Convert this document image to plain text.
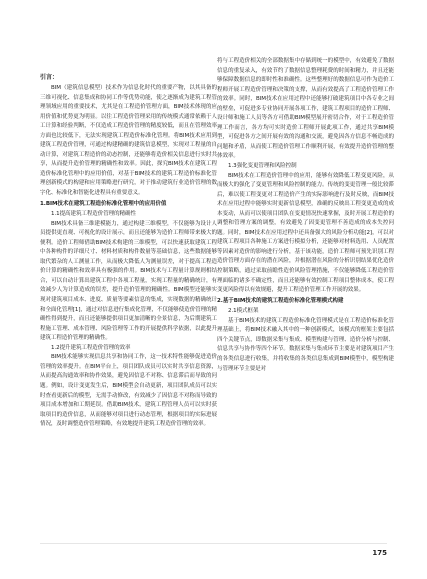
引言：

BIM（建筑信息模型）技术作为信息化时代的重要产物，以其具备的三维可视化、信息集成和协同工作等优势功能，使之逐渐成为建筑工程管理领域应用的重要技术，尤其是在工程造价管理方面，BIM技术体现的应用价值和优势更为明显。以往工程造价管理采用的传统模式通常依赖于人工计算和经验判断，不仅造成工程造价管理的精度较低，而且在管理效率方面也比较低下，无法实现建筑工程造价标准化管理。将BIM技术应用到建筑工程造价管理，可通过构建精确的建筑信息模型，实现对工程量的自动计算，对建筑工程造价的动态控制，还能够将造价相关信息进行实时共享，从而提升造价管理的精确性和效率。因此，探究BIM技术在建筑工程造价标准化管理中的应用价值，对基于BIM技术的建筑工程造价标准化管理创新模式的构建和应用策略进行研究，对于推动建筑行业造价管理的数字化、标准化和智能化进程具有重要意义。

1.BIM技术在建筑工程造价标准化管理中的应用价值

1.1提高建筑工程造价管理的精确性

BIM技术具备三维建模能力，通过构建三维模型，不仅能够为设计人员提供更直观、可视化的设计展示，而且还能够为造价工程师带来极大的便利。造价工程师借助BIM技术构建的三维模型，可以快速获取建筑工程中各种构件的详细尺寸、材料材质和构件数量等基础信息，这些数据能够取代繁杂的人工测量工作，从而极大降低人为测量误差，对于提高工程造价计算的精确性和效率具有极强的作用。BIM技术与工程量计算规则相结合，可以自动计算出建筑工程中各项工程量，实现工程量的精确统计，有效减少人为计算造成的误差，提升造价管理的精确性。BIM模型还能够实现对建筑项目成本、进度、质量等要素信息的集成，实现数据的精确统计和全面化管理[1]，通过对信息进行集成化管理，不仅能够使造价管理的精确性得到提升，而且还能够提供项目更加清晰的全景信息，为后期建筑工程施工管理、成本管理、风险管理等工作的开展提供科学依据，以此提升建筑工程造价管理的精确性。

1.2提升建筑工程造价管理的效率

BIM技术能够实现信息共享和协同工作，这一技术特性能够促进造价管理的效率提升。在BIM平台上，项目团队成员可以实时共享信息资源，从而提高沟通效率和协作效果，避免因信息不对称、信息滞后而导致的问题。例如，设计变更发生后，BIM模型会自动更新，项目团队成员可以实时查看更新后的模型，无需手动修改，有效减少了因信息不对称而导致的项目成本增加和工期延误。借助BIM技术，建筑工程管理人员可以实时获取项目的造价信息，从而能够对项目进行动态管理，根据项目的实际进展情况，及时调整造价管理策略，有效地提升建筑工程造价管理的效率。

将与工程造价相关的全部数据集中存储到统一的模型中，有效避免了数据信息的重复录入，有效节约了数据信息整理耗费的时间和精力，并且还能够保障数据信息的即时性和准确性。这些整理好的数据信息可作为造价工程师开展工程造价管理和决策的支撑，从而有效提高了工程造价管理工作的效率。同时，BIM技术在应用过程中还能够打破建筑项目中各专业之间的壁垒，可促进多专业协同开展各项工作，建筑工程项目的造价工程师、设计师和施工人员等各方可借助BIM模型展开密切合作，对于工程造价管理工作而言，各方均可实时造价工程师开展此项工作，通过共享BIM模型，可促进各方之间开展有效的沟通和交流，避免因各方信息不畅造成的问题和矛盾，从而使工程造价管理工作顺利开展，有效提升造价管理的整体效率。

1.3强化变更管理和风险控制

BIM技术在工程造价管理中的应用，能够有效降低工程变更风险，从而极大的强化了变更管理和风险控制的能力。传统的变更管理一般比较滞后，难以使工程变更对工程造价产生的实际影响进行及时反映，而BIM技术在应用过程中能够实时更新信息模型，准确的反映出工程变更造成的成本变动，从而可以使项目团队在变更情况快速掌握，及时开展工程造价的调整和管理方案的调整，有效避免了因变更管理不善造成的成本失控问题。同时，BIM技术在应用过程中还具备强大的风险分析功能[2]，可以对建筑工程项目各种施工方案进行模拟分析，还能够对材料选用、人员配置等因素对造价的影响进行分析，基于该功能，造价工程师可预先识别工程造价管理方面存在的潜在风险，并根据潜在风险的分析识别结果优化造价控制策略，通过采取前瞻性造价风险管理措施，不仅能够降低工程造价管理面临的诸多不确定性，而且还能够有效控制工程项目整体成本，使工程变更风险得以有效规避，提升工程造价管理工作开展的效果。

2.基于BIM技术的建筑工程造价标准化管理模式构建

2.1模式框架

基于BIM技术的建筑工程造价标准化管理模式是在工程造价标准化管理基础上，将BIM技术融入其中的一种创新模式，该模式的框架主要包括四个关键节点，即数据采集与集成、模型构建与管理、造价分析与控制、信息共享与协作等四个环节。数据采集与集成环节主要是对建筑项目产生的各类信息进行收集，并将收集的各类信息集成到BIM模型中，模型构建与管理环节主要是对

175
